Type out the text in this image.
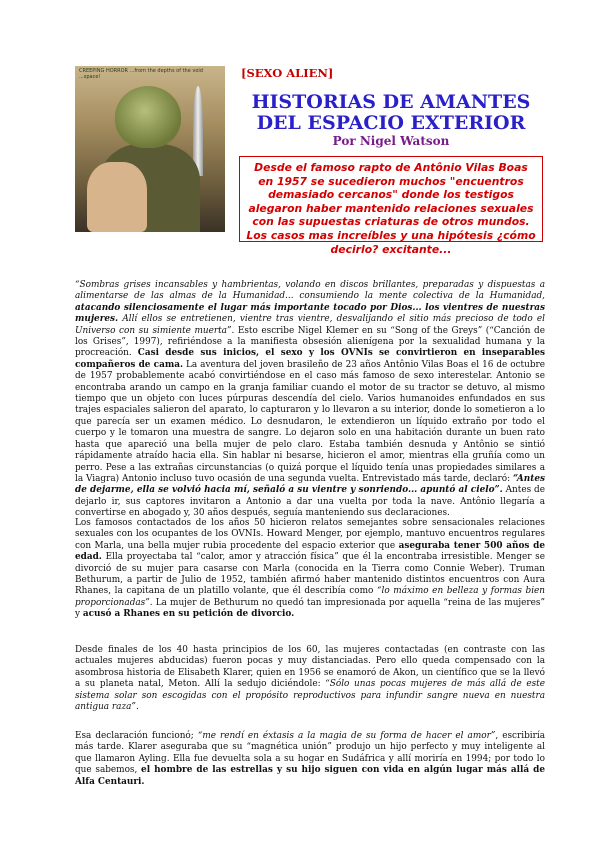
CREEPING HORROR ...from the depths of the void ...space!	[SEXO ALIEN]
HISTORIAS DE AMANTES DEL ESPACIO EXTERIOR
Por Nigel Watson
Desde el famoso rapto de Antônio Vilas Boas en 1957 se sucedieron muchos "encuentros demasiado cercanos" donde los testigos alegaron haber mantenido relaciones sexuales con las supuestas criaturas de otros mundos. Los casos mas increíbles y una hipótesis ¿cómo decirlo? excitante...

“Sombras grises incansables y hambrientas, volando en discos brillantes, preparadas y dispuestas a alimentarse de las almas de la Humanidad... consumiendo la mente colectiva de la Humanidad, atacando silenciosamente el lugar más importante tocado por Dios... los vientres de nuestras mujeres. Allí ellos se entretienen, vientre tras vientre, desvalijando el sitio más precioso de todo el Universo con su simiente muerta”. Esto escribe Nigel Klemer en su “Song of the Greys” (“Canción de los Grises”, 1997), refiriéndose a la manifiesta obsesión alienígena por la sexualidad humana y la procreación. Casi desde sus inicios, el sexo y los OVNIs se convirtieron en inseparables compañeros de cama. La aventura del joven brasileño de 23 años Antônio Vilas Boas el 16 de octubre de 1957 probablemente acabó convirtiéndose en el caso más famoso de sexo interestelar. Antonio se encontraba arando un campo en la granja familiar cuando el motor de su tractor se detuvo, al mismo tiempo que un objeto con luces púrpuras descendía del cielo. Varios humanoides enfundados en sus trajes espaciales salieron del aparato, lo capturaron y lo llevaron a su interior, donde lo sometieron a lo que parecía ser un examen médico. Lo desnudaron, le extendieron un líquido extraño por todo el cuerpo y le tomaron una muestra de sangre. Lo dejaron solo en una habitación durante un buen rato hasta que apareció una bella mujer de pelo claro. Estaba también desnuda y Antônio se sintió rápidamente atraído hacia ella. Sin hablar ni besarse, hicieron el amor, mientras ella gruñía como un perro. Pese a las extrañas circunstancias (o quizá porque el líquido tenía unas propiedades similares a la Viagra) Antonio incluso tuvo ocasión de una segunda vuelta. Entrevistado más tarde, declaró: “Antes de dejarme, ella se volvió hacia mí, señaló a su vientre y sonriendo... apuntó al cielo”. Antes de dejarlo ir, sus captores invitaron a Antonio a dar una vuelta por toda la nave. Antônio llegaría a convertirse en abogado y, 30 años después, seguía manteniendo sus declaraciones.

Los famosos contactados de los años 50 hicieron relatos semejantes sobre sensacionales relaciones sexuales con los ocupantes de los OVNIs. Howard Menger, por ejemplo, mantuvo encuentros regulares con Marla, una bella mujer rubia procedente del espacio exterior que aseguraba tener 500 años de edad. Ella proyectaba tal “calor, amor y atracción física” que él la encontraba irresistible. Menger se divorció de su mujer para casarse con Marla (conocida en la Tierra como Connie Weber). Truman Bethurum, a partir de Julio de 1952, también afirmó haber mantenido distintos encuentros con Aura Rhanes, la capitana de un platillo volante, que él describía como “lo máximo en belleza y formas bien proporcionadas”. La mujer de Bethurum no quedó tan impresionada por aquella “reina de las mujeres” y acusó a Rhanes en su petición de divorcio.

Desde finales de los 40 hasta principios de los 60, las mujeres contactadas (en contraste con las actuales mujeres abducidas) fueron pocas y muy distanciadas. Pero ello queda compensado con la asombrosa historia de Elisabeth Klarer, quien en 1956 se enamoró de Akon, un científico que se la llevó a su planeta natal, Meton. Allí la sedujo diciéndole: “Sólo unas pocas mujeres de más allá de este sistema solar son escogidas con el propósito reproductivos para infundir sangre nueva en nuestra antigua raza”.

Esa declaración funcionó; “me rendí en éxtasis a la magia de su forma de hacer el amor”, escribiría más tarde. Klarer aseguraba que su “magnética unión” produjo un hijo perfecto y muy inteligente al que llamaron Ayling. Ella fue devuelta sola a su hogar en Sudáfrica y allí moriría en 1994; por todo lo que sabemos, el hombre de las estrellas y su hijo siguen con vida en algún lugar más allá de Alfa Centauri.
